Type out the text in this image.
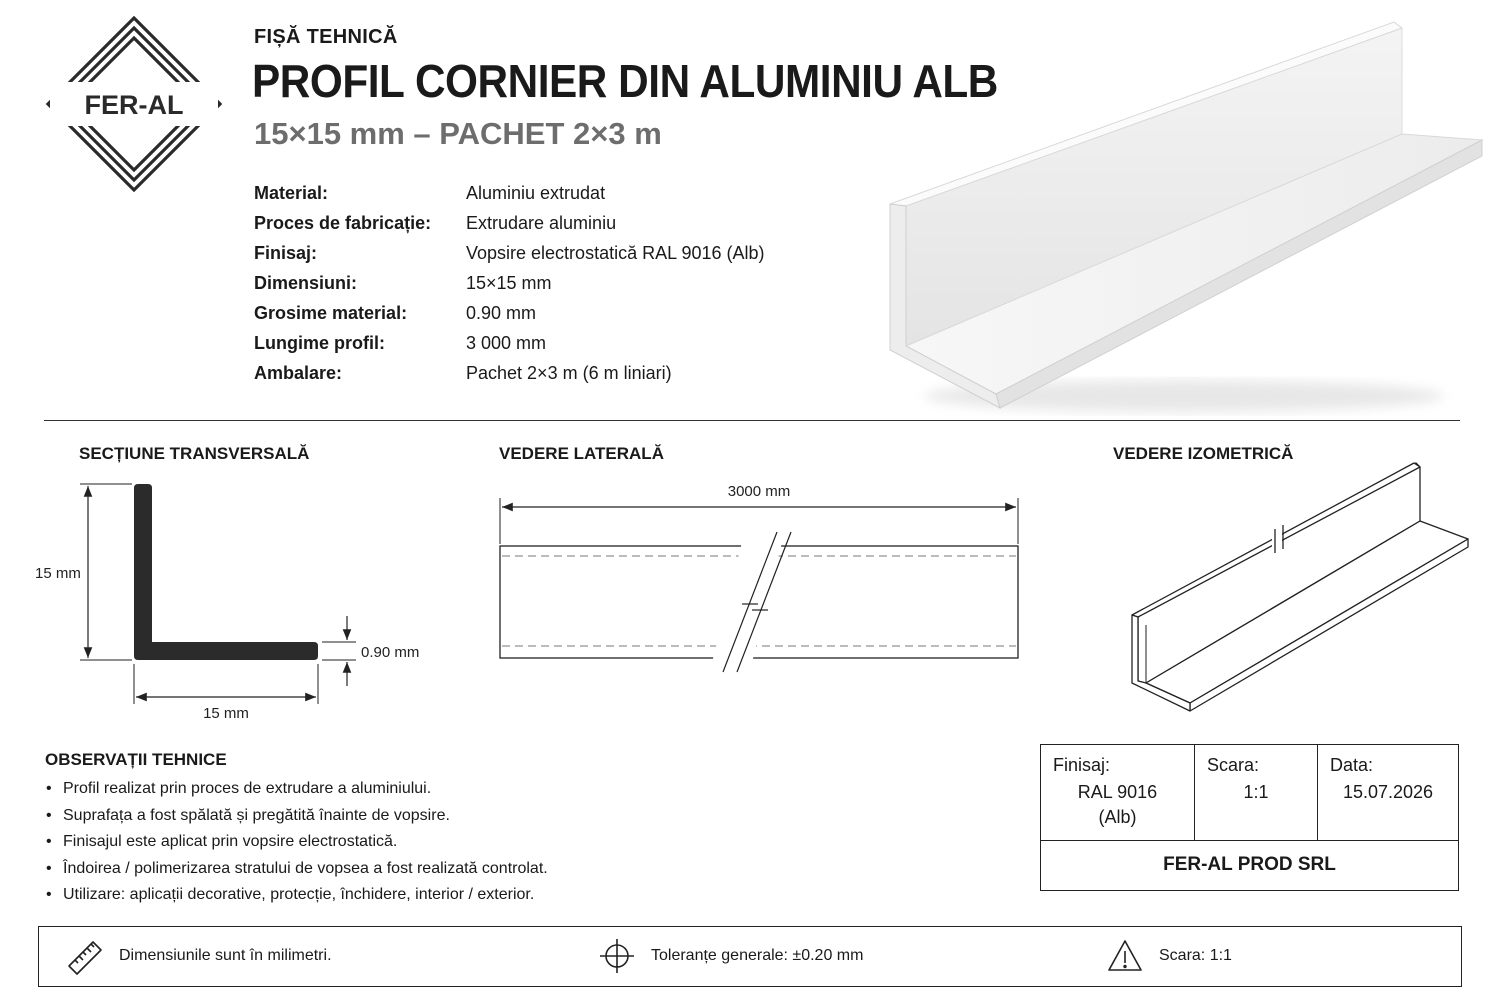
FER-AL
FIȘĂ TEHNICĂ
PROFIL CORNIER DIN ALUMINIU ALB
15×15 mm – PACHET 2×3 m
Material:	Aluminiu extrudat
Proces de fabricație: Extrudare aluminiu
Finisaj:	Vopsire electrostatică RAL 9016 (Alb)
Dimensiuni:	15×15 mm
Grosime material:	0.90 mm
Lungime profil:	3 000 mm
Ambalare:	Pachet 2×3 m (6 m liniari)
SECȚIUNE TRANSVERSALĂ	VEDERE LATERALĂ	VEDERE IZOMETRICĂ
15 mm
15 mm
0.90 mm
3000 mm
OBSERVAȚII TEHNICE
• Profil realizat prin proces de extrudare a aluminiului.
• Suprafața a fost spălată și pregătită înainte de vopsire.
• Finisajul este aplicat prin vopsire electrostatică.
• Îndoirea / polimerizarea stratului de vopsea a fost realizată controlat.
• Utilizare: aplicații decorative, protecție, închidere, interior / exterior.
Finisaj:
RAL 9016
(Alb)
Scara:
1:1
Data:
15.07.2026
FER-AL PROD SRL
Dimensiunile sunt în milimetri.	Toleranțe generale: ±0.20 mm	Scara: 1:1
